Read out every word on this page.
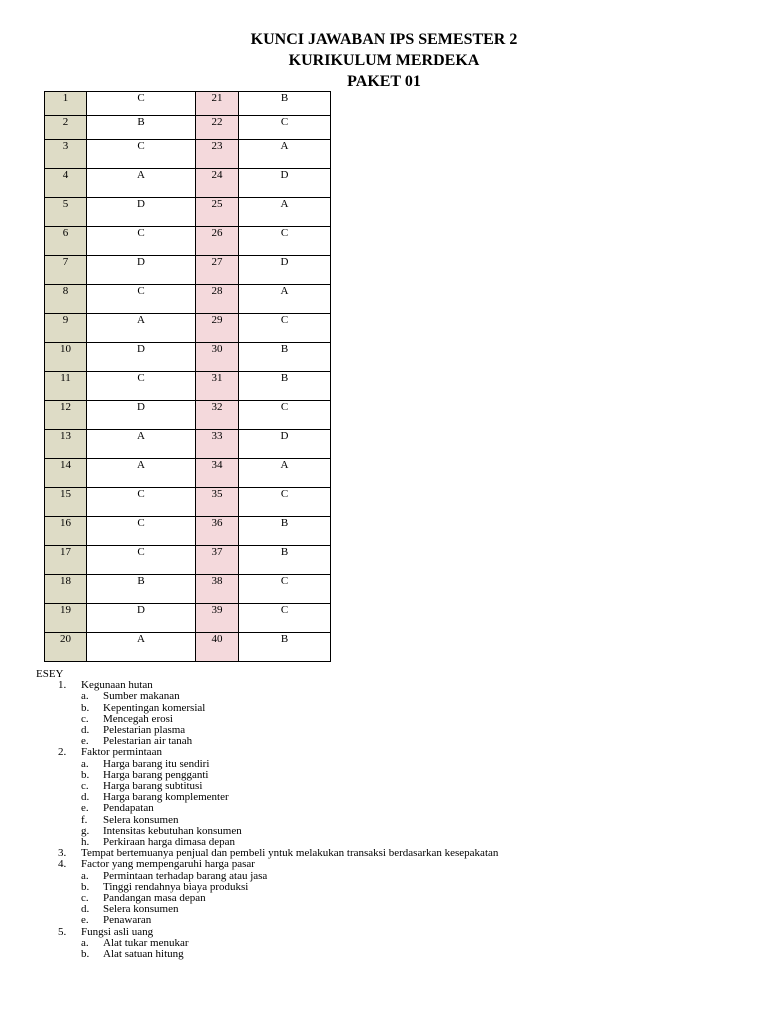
KUNCI JAWABAN IPS SEMESTER 2
KURIKULUM MERDEKA
PAKET 01
1	C	21	B
2	B	22	C
3	C	23	A
4	A	24	D
5	D	25	A
6	C	26	C
7	D	27	D
8	C	28	A
9	A	29	C
10	D	30	B
11	C	31	B
12	D	32	C
13	A	33	D
14	A	34	A
15	C	35	C
16	C	36	B
17	C	37	B
18	B	38	C
19	D	39	C
20	A	40	B

ESEY

1. Kegunaan hutan
a. Sumber makanan
b. Kepentingan komersial
c. Mencegah erosi
d. Pelestarian plasma
e. Pelestarian air tanah
2. Faktor permintaan
a. Harga barang itu sendiri
b. Harga barang pengganti
c. Harga barang subtitusi
d. Harga barang komplementer
e. Pendapatan
f. Selera konsumen
g. Intensitas kebutuhan konsumen
h. Perkiraan harga dimasa depan
3. Tempat bertemuanya penjual dan pembeli yntuk melakukan transaksi berdasarkan kesepakatan
4. Factor yang mempengaruhi harga pasar
a. Permintaan terhadap barang atau jasa
b. Tinggi rendahnya biaya produksi
c. Pandangan masa depan
d. Selera konsumen
e. Penawaran
5. Fungsi asli uang
a. Alat tukar menukar
b. Alat satuan hitung
